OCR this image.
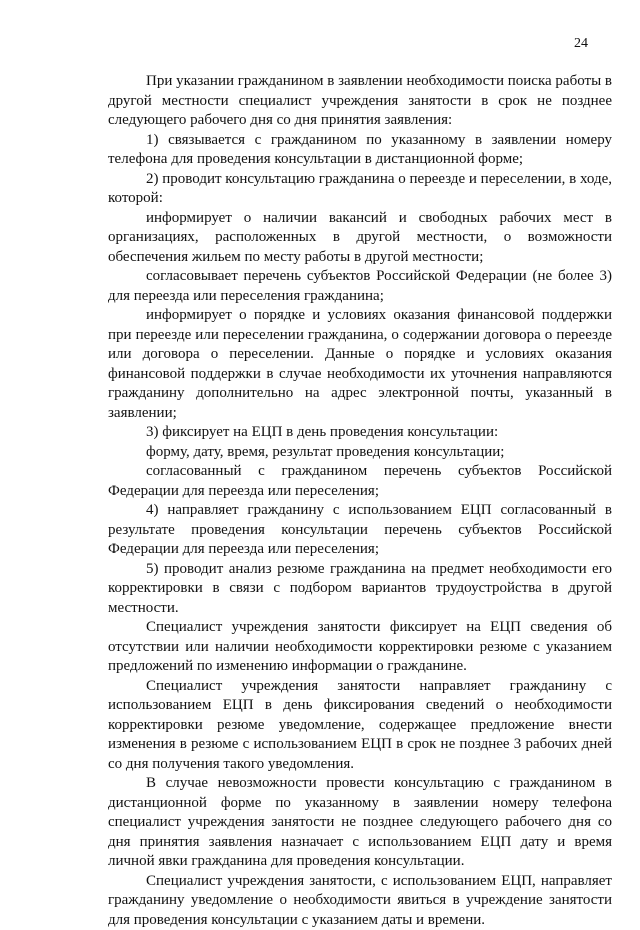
24

При указании гражданином в заявлении необходимости поиска работы в другой местности специалист учреждения занятости в срок не позднее следующего рабочего дня со дня принятия заявления:

1) связывается с гражданином по указанному в заявлении номеру телефона для проведения консультации в дистанционной форме;

2) проводит консультацию гражданина о переезде и переселении, в ходе, которой:

информирует о наличии вакансий и свободных рабочих мест в организациях, расположенных в другой местности, о возможности обеспечения жильем по месту работы в другой местности;

согласовывает перечень субъектов Российской Федерации (не более 3) для переезда или переселения гражданина;

информирует о порядке и условиях оказания финансовой поддержки при переезде или переселении гражданина, о содержании договора о переезде или договора о переселении. Данные о порядке и условиях оказания финансовой поддержки в случае необходимости их уточнения направляются гражданину дополнительно на адрес электронной почты, указанный в заявлении;

3) фиксирует на ЕЦП в день проведения консультации:

форму, дату, время, результат проведения консультации;

согласованный с гражданином перечень субъектов Российской Федерации для переезда или переселения;

4) направляет гражданину с использованием ЕЦП согласованный в результате проведения консультации перечень субъектов Российской Федерации для переезда или переселения;

5) проводит анализ резюме гражданина на предмет необходимости его корректировки в связи с подбором вариантов трудоустройства в другой местности.

Специалист учреждения занятости фиксирует на ЕЦП сведения об отсутствии или наличии необходимости корректировки резюме с указанием предложений по изменению информации о гражданине.

Специалист учреждения занятости направляет гражданину с использованием ЕЦП в день фиксирования сведений о необходимости корректировки резюме уведомление, содержащее предложение внести изменения в резюме с использованием ЕЦП в срок не позднее 3 рабочих дней со дня получения такого уведомления.

В случае невозможности провести консультацию с гражданином в дистанционной форме по указанному в заявлении номеру телефона специалист учреждения занятости не позднее следующего рабочего дня со дня принятия заявления назначает с использованием ЕЦП дату и время личной явки гражданина для проведения консультации.

Специалист учреждения занятости, с использованием ЕЦП, направляет гражданину уведомление о необходимости явиться в учреждение занятости для проведения консультации с указанием даты и времени.
